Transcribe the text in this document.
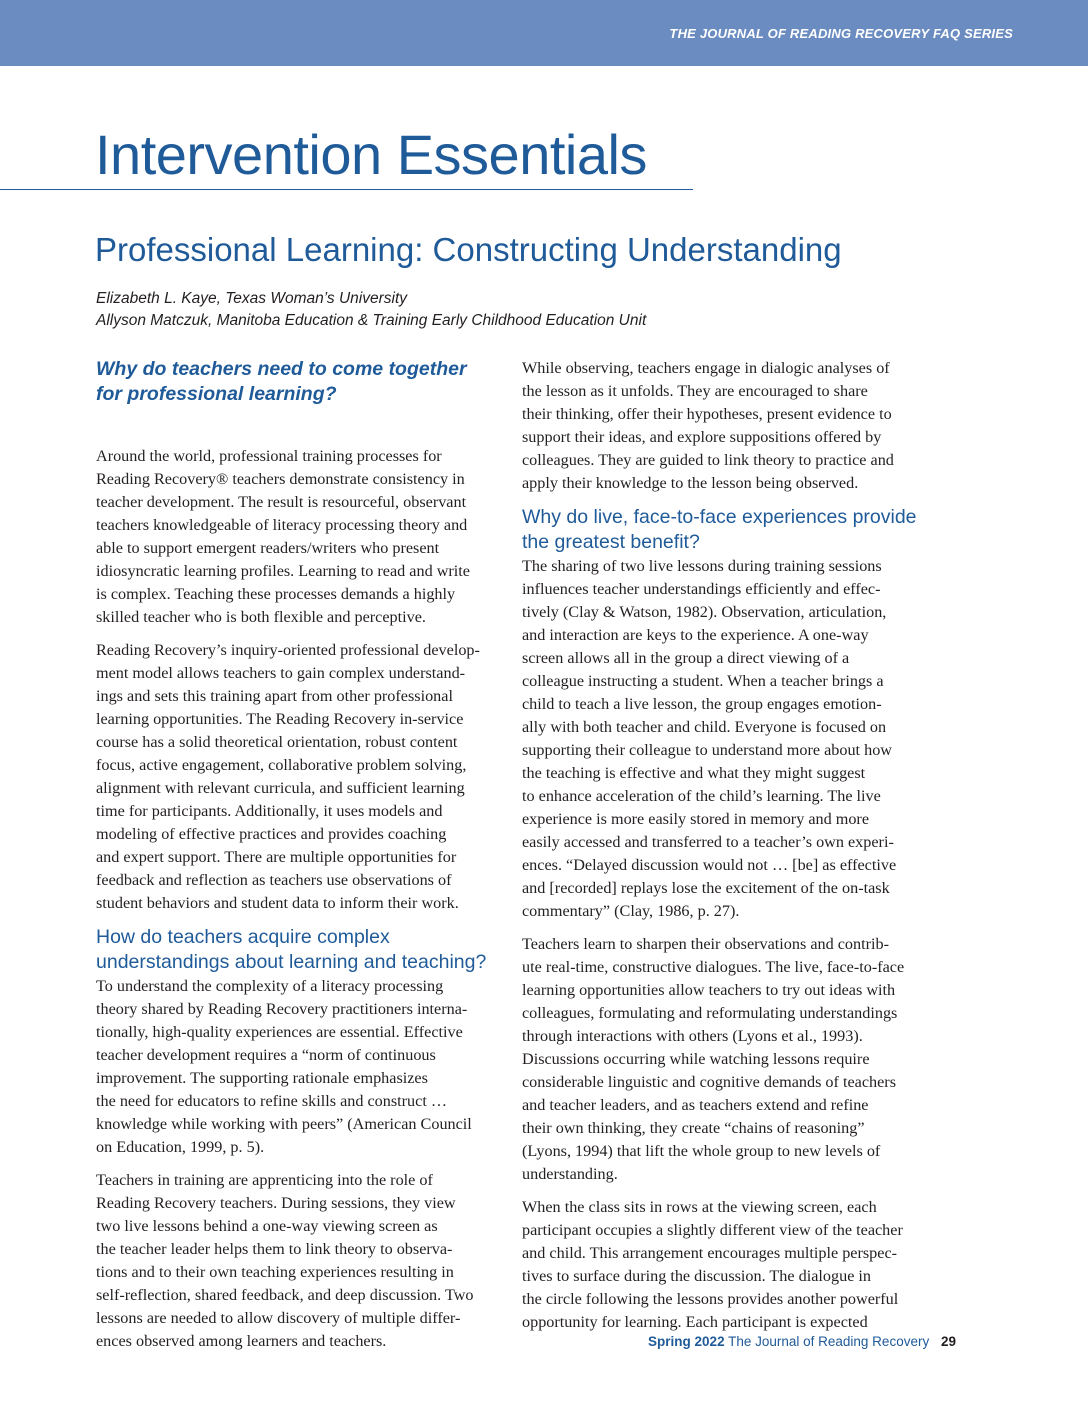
THE JOURNAL OF READING RECOVERY FAQ SERIES
Intervention Essentials
Professional Learning: Constructing Understanding
Elizabeth L. Kaye, Texas Woman’s University
Allyson Matczuk, Manitoba Education & Training Early Childhood Education Unit
Why do teachers need to come together
for professional learning?
Around the world, professional training processes for
Reading Recovery® teachers demonstrate consistency in
teacher development. The result is resourceful, observant
teachers knowledgeable of literacy processing theory and
able to support emergent readers/writers who present
idiosyncratic learning profiles. Learning to read and write
is complex. Teaching these processes demands a highly
skilled teacher who is both flexible and perceptive.
Reading Recovery’s inquiry-oriented professional develop-
ment model allows teachers to gain complex understand-
ings and sets this training apart from other professional
learning opportunities. The Reading Recovery in-service
course has a solid theoretical orientation, robust content
focus, active engagement, collaborative problem solving,
alignment with relevant curricula, and sufficient learning
time for participants. Additionally, it uses models and
modeling of effective practices and provides coaching
and expert support. There are multiple opportunities for
feedback and reflection as teachers use observations of
student behaviors and student data to inform their work.
How do teachers acquire complex
understandings about learning and teaching?
To understand the complexity of a literacy processing
theory shared by Reading Recovery practitioners interna-
tionally, high-quality experiences are essential. Effective
teacher development requires a “norm of continuous
improvement. The supporting rationale emphasizes
the need for educators to refine skills and construct …
knowledge while working with peers” (American Council
on Education, 1999, p. 5).
Teachers in training are apprenticing into the role of
Reading Recovery teachers. During sessions, they view
two live lessons behind a one-way viewing screen as
the teacher leader helps them to link theory to observa-
tions and to their own teaching experiences resulting in
self-reflection, shared feedback, and deep discussion. Two
lessons are needed to allow discovery of multiple differ-
ences observed among learners and teachers.
While observing, teachers engage in dialogic analyses of
the lesson as it unfolds. They are encouraged to share
their thinking, offer their hypotheses, present evidence to
support their ideas, and explore suppositions offered by
colleagues. They are guided to link theory to practice and
apply their knowledge to the lesson being observed.
Why do live, face-to-face experiences provide
the greatest benefit?
The sharing of two live lessons during training sessions
influences teacher understandings efficiently and effec-
tively (Clay & Watson, 1982). Observation, articulation,
and interaction are keys to the experience. A one-way
screen allows all in the group a direct viewing of a
colleague instructing a student. When a teacher brings a
child to teach a live lesson, the group engages emotion-
ally with both teacher and child. Everyone is focused on
supporting their colleague to understand more about how
the teaching is effective and what they might suggest
to enhance acceleration of the child’s learning. The live
experience is more easily stored in memory and more
easily accessed and transferred to a teacher’s own experi-
ences. “Delayed discussion would not … [be] as effective
and [recorded] replays lose the excitement of the on-task
commentary” (Clay, 1986, p. 27).
Teachers learn to sharpen their observations and contrib-
ute real-time, constructive dialogues. The live, face-to-face
learning opportunities allow teachers to try out ideas with
colleagues, formulating and reformulating understandings
through interactions with others (Lyons et al., 1993).
Discussions occurring while watching lessons require
considerable linguistic and cognitive demands of teachers
and teacher leaders, and as teachers extend and refine
their own thinking, they create “chains of reasoning”
(Lyons, 1994) that lift the whole group to new levels of
understanding.
When the class sits in rows at the viewing screen, each
participant occupies a slightly different view of the teacher
and child. This arrangement encourages multiple perspec-
tives to surface during the discussion. The dialogue in
the circle following the lessons provides another powerful
opportunity for learning. Each participant is expected
Spring 2022 The Journal of Reading Recovery 29
